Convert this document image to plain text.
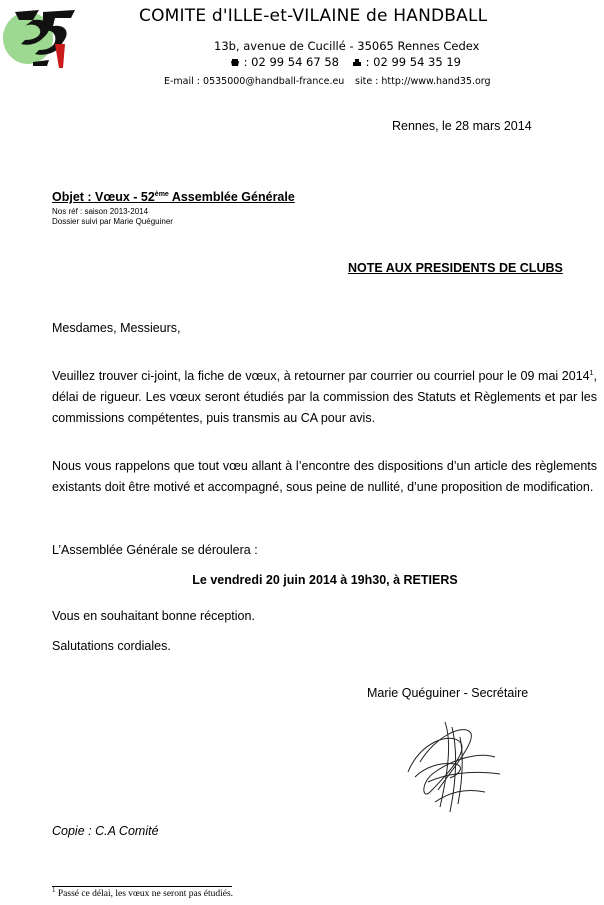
35
COMITE d'ILLE-et-VILAINE de HANDBALL
13b, avenue de Cucillé - 35065 Rennes Cedex
: 02 99 54 67 58	: 02 99 54 35 19
E-mail : 0535000@handball-france.eu site : http://www.hand35.org
Rennes, le 28 mars 2014
Objet : Vœux - 52ème Assemblée Générale
Nos réf : saison 2013-2014
Dossier suivi par Marie Quéguiner
NOTE AUX PRESIDENTS DE CLUBS
Mesdames, Messieurs,
Veuillez trouver ci-joint, la fiche de vœux, à retourner par courrier ou courriel pour le 09 mai 2014$^1$, délai de rigueur. Les vœux seront étudiés par la commission des Statuts et Règlements et par les commissions compétentes, puis transmis au CA pour avis.
Nous vous rappelons que tout vœu allant à l’encontre des dispositions d’un article des règlements existants doit être motivé et accompagné, sous peine de nullité, d’une proposition de modification.
L’Assemblée Générale se déroulera :
Le vendredi 20 juin 2014 à 19h30, à RETIERS
Vous en souhaitant bonne réception.
Salutations cordiales.
Marie Quéguiner - Secrétaire
Copie : C.A Comité
$^1$ Passé ce délai, les vœux ne seront pas étudiés.
